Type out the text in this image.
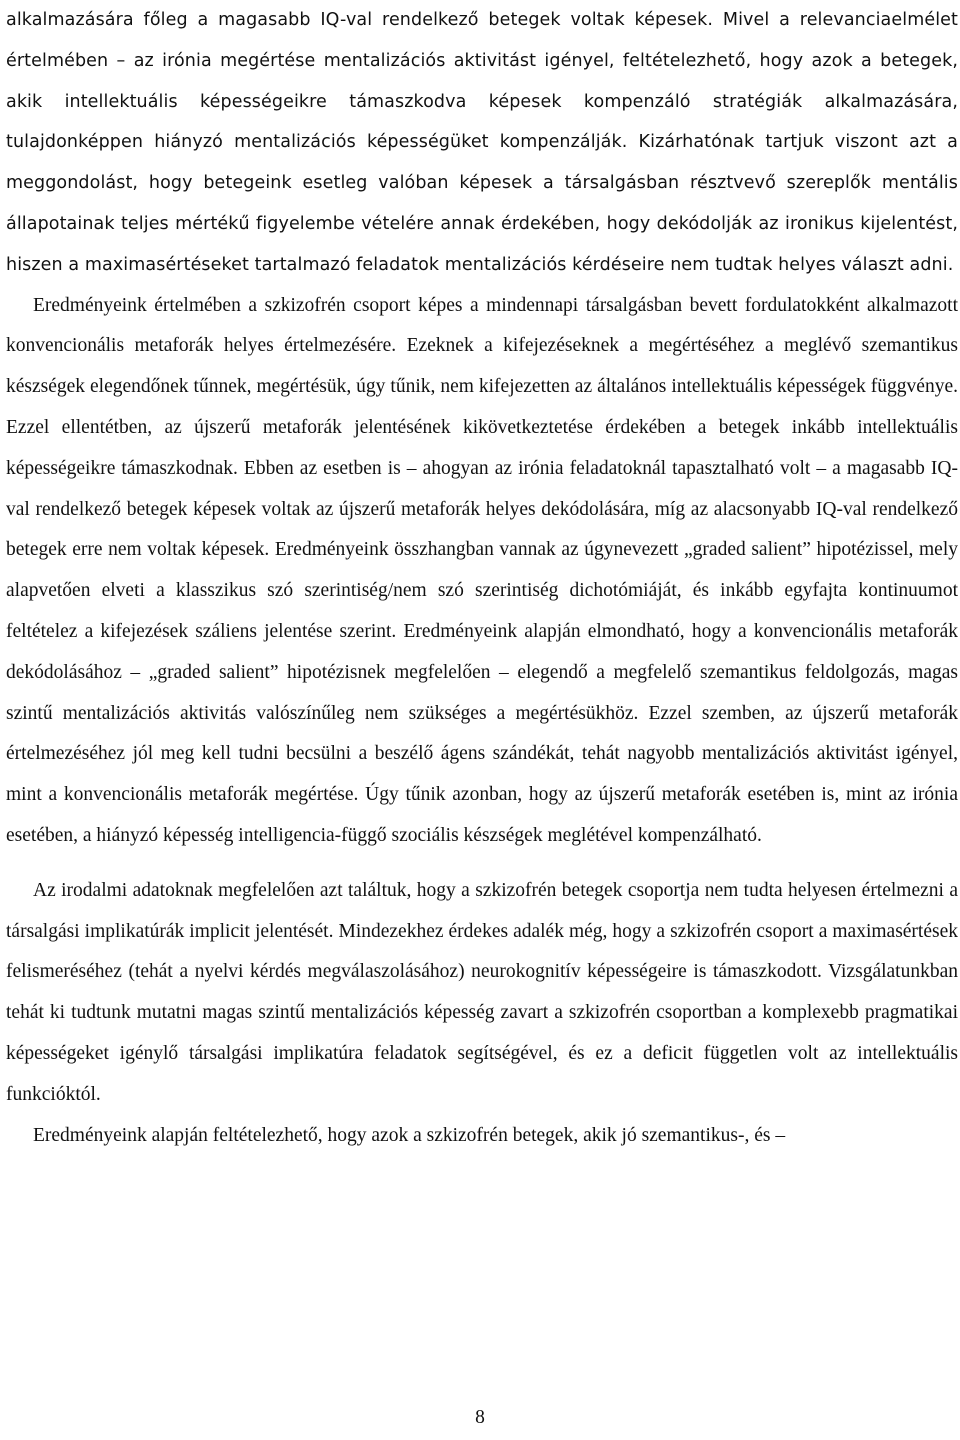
alkalmazására főleg a magasabb IQ-val rendelkező betegek voltak képesek. Mivel a relevanciaelmélet értelmében – az irónia megértése mentalizációs aktivitást igényel, feltételezhető, hogy azok a betegek, akik intellektuális képességeikre támaszkodva képesek kompenzáló stratégiák alkalmazására, tulajdonképpen hiányzó mentalizációs képességüket kompenzálják. Kizárhatónak tartjuk viszont azt a meggondolást, hogy betegeink esetleg valóban képesek a társalgásban résztvevő szereplők mentális állapotainak teljes mértékű figyelembe vételére annak érdekében, hogy dekódolják az ironikus kijelentést, hiszen a maximasértéseket tartalmazó feladatok mentalizációs kérdéseire nem tudtak helyes választ adni.

Eredményeink értelmében a szkizofrén csoport képes a mindennapi társalgásban bevett fordulatokként alkalmazott konvencionális metaforák helyes értelmezésére. Ezeknek a kifejezéseknek a megértéséhez a meglévő szemantikus készségek elegendőnek tűnnek, megértésük, úgy tűnik, nem kifejezetten az általános intellektuális képességek függvénye. Ezzel ellentétben, az újszerű metaforák jelentésének kikövetkeztetése érdekében a betegek inkább intellektuális képességeikre támaszkodnak. Ebben az esetben is – ahogyan az irónia feladatoknál tapasztalható volt – a magasabb IQ-val rendelkező betegek képesek voltak az újszerű metaforák helyes dekódolására, míg az alacsonyabb IQ-val rendelkező betegek erre nem voltak képesek. Eredményeink összhangban vannak az úgynevezett „graded salient” hipotézissel, mely alapvetően elveti a klasszikus szó szerintiség/nem szó szerintiség dichotómiáját, és inkább egyfajta kontinuumot feltételez a kifejezések száliens jelentése szerint. Eredményeink alapján elmondható, hogy a konvencionális metaforák dekódolásához – „graded salient” hipotézisnek megfelelően – elegendő a megfelelő szemantikus feldolgozás, magas szintű mentalizációs aktivitás valószínűleg nem szükséges a megértésükhöz. Ezzel szemben, az újszerű metaforák értelmezéséhez jól meg kell tudni becsülni a beszélő ágens szándékát, tehát nagyobb mentalizációs aktivitást igényel, mint a konvencionális metaforák megértése. Úgy tűnik azonban, hogy az újszerű metaforák esetében is, mint az irónia esetében, a hiányzó képesség intelligencia-függő szociális készségek meglétével kompenzálható.

Az irodalmi adatoknak megfelelően azt találtuk, hogy a szkizofrén betegek csoportja nem tudta helyesen értelmezni a társalgási implikatúrák implicit jelentését. Mindezekhez érdekes adalék még, hogy a szkizofrén csoport a maximasértések felismeréséhez (tehát a nyelvi kérdés megválaszolásához) neurokognitív képességeire is támaszkodott. Vizsgálatunkban tehát ki tudtunk mutatni magas szintű mentalizációs képesség zavart a szkizofrén csoportban a komplexebb pragmatikai képességeket igénylő társalgási implikatúra feladatok segítségével, és ez a deficit független volt az intellektuális funkcióktól.

Eredményeink alapján feltételezhető, hogy azok a szkizofrén betegek, akik jó szemantikus-, és –

8
